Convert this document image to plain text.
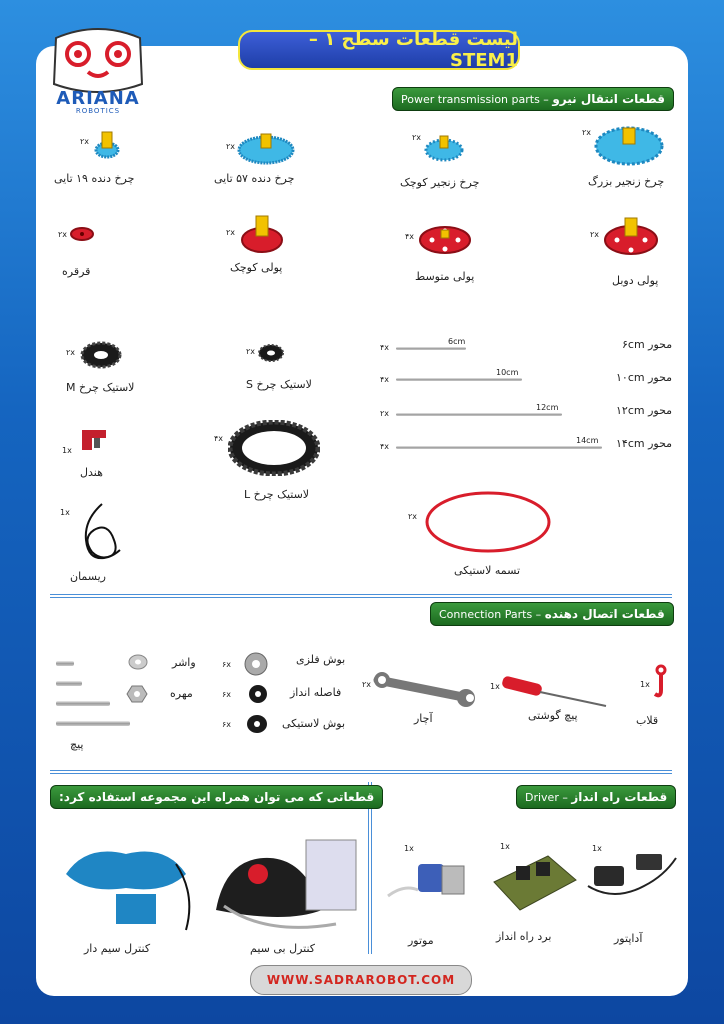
ARIANA
ROBOTICS
لیست قطعات سطح ۱ – STEM1
قطعات انتقال نیرو
–
Power transmission parts
۲x
چرخ زنجیر بزرگ
۲x
چرخ زنجیر کوچک
۲x
چرخ دنده ۵۷ تایی
۲x
چرخ دنده ۱۹ تایی
۲x
پولی دوبل
۴x
پولی متوسط
۲x
پولی کوچک
۲x
قرقره
6cm
۴x	محور ۶cm
10cm
۴x	محور ۱۰cm
12cm
۲x	محور ۱۲cm
14cm
۴x	محور ۱۴cm
۲x
لاستیک چرخ M
۲x
لاستیک چرخ S
1x
هندل
۴x
لاستیک چرخ L
1x
ریسمان
۲x
تسمه لاستیکی
قطعات اتصال دهنده
–
Connection Parts
1x
قلاب
1x
پیچ گوشتی
۲x
آچار
۶x	بوش فلزی
۶x	فاصله انداز
۶x	بوش لاستیکی
واشر
مهره
پیچ
قطعات راه انداز
–
Driver
1x
آداپتور
1x
برد راه انداز
1x
موتور
قطعاتی که می توان همراه این مجموعه استفاده کرد:
کنترل بی سیم
کنترل سیم دار
WWW.SADRAROBOT.COM
